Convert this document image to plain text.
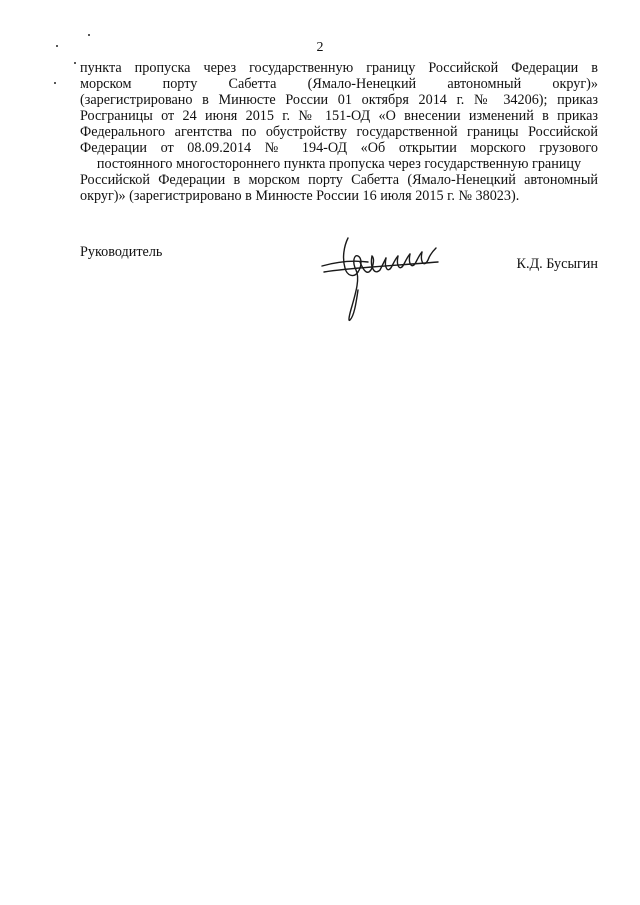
2
пункта пропуска через государственную границу Российской Федерации в
морском порту Сабетта (Ямало-Ненецкий автономный округ)»
(зарегистрировано в Минюсте России 01 октября 2014 г. № 34206); приказ
Росграницы от 24 июня 2015 г. № 151-ОД «О внесении изменений в приказ
Федерального агентства по обустройству государственной границы Российской
Федерации от 08.09.2014 № 194-ОД «Об открытии морского грузового
постоянного многостороннего пункта пропуска через государственную границу
Российской Федерации в морском порту Сабетта (Ямало-Ненецкий автономный
округ)» (зарегистрировано в Минюсте России 16 июля 2015 г. № 38023).
Руководитель
К.Д. Бусыгин
